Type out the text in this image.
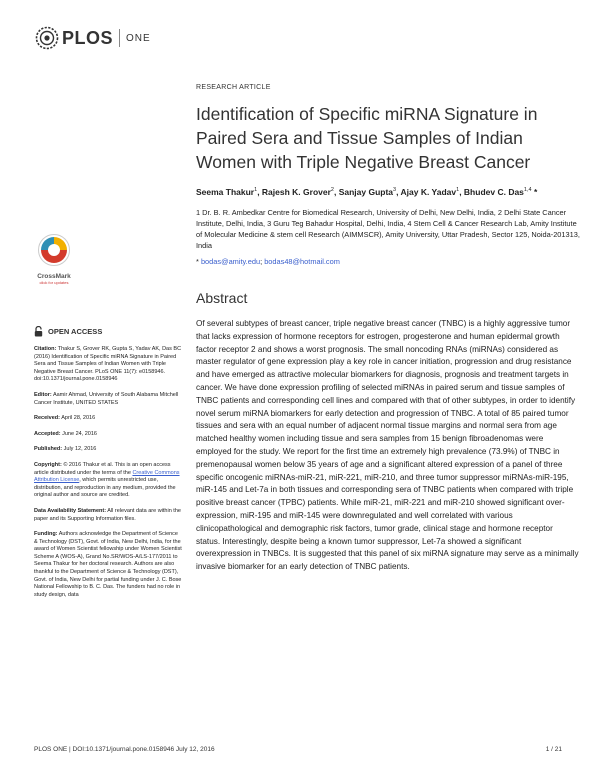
PLOS ONE
RESEARCH ARTICLE
Identification of Specific miRNA Signature in Paired Sera and Tissue Samples of Indian Women with Triple Negative Breast Cancer
Seema Thakur$^1$, Rajesh K. Grover$^2$, Sanjay Gupta$^3$, Ajay K. Yadav$^1$, Bhudev C. Das$^{1,4}$ *
1 Dr. B. R. Ambedkar Centre for Biomedical Research, University of Delhi, New Delhi, India, 2 Delhi State Cancer Institute, Delhi, India, 3 Guru Teg Bahadur Hospital, Delhi, India, 4 Stem Cell & Cancer Research Lab, Amity Institute of Molecular Medicine & stem cell Research (AIMMSCR), Amity University, Uttar Pradesh, Sector 125, Noida-201313, India
* bodas@amity.edu; bodas48@hotmail.com
CrossMark
click for updates
OPEN ACCESS

Citation: Thakur S, Grover RK, Gupta S, Yadav AK, Das BC (2016) Identification of Specific miRNA Signature in Paired Sera and Tissue Samples of Indian Women with Triple Negative Breast Cancer. PLoS ONE 11(7): e0158946. doi:10.1371/journal.pone.0158946

Editor: Aamir Ahmad, University of South Alabama Mitchell Cancer Institute, UNITED STATES

Received: April 28, 2016

Accepted: June 24, 2016

Published: July 12, 2016

Copyright: © 2016 Thakur et al. This is an open access article distributed under the terms of the Creative Commons Attribution License, which permits unrestricted use, distribution, and reproduction in any medium, provided the original author and source are credited.

Data Availability Statement: All relevant data are within the paper and its Supporting Information files.

Funding: Authors acknowledge the Department of Science & Technology (DST), Govt. of India, New Delhi, India, for the award of Women Scientist fellowship under Women Scientist Scheme A (WOS-A), Grand No.SR/WOS-A/LS-177/2011 to Seema Thakur for her doctoral research. Authors are also thankful to the Department of Science & Technology (DST), Govt. of India, New Delhi for partial funding under J. C. Bose National Fellowship to B. C. Das. The funders had no role in study design, data

Abstract
Of several subtypes of breast cancer, triple negative breast cancer (TNBC) is a highly aggressive tumor that lacks expression of hormone receptors for estrogen, progesterone and human epidermal growth factor receptor 2 and shows a worst prognosis. The small noncoding RNAs (miRNAs) considered as master regulator of gene expression play a key role in cancer initiation, progression and drug resistance and have emerged as attractive molecular biomarkers for diagnosis, prognosis and treatment targets in cancer. We have done expression profiling of selected miRNAs in paired serum and tissue samples of TNBC patients and corresponding cell lines and compared with that of other subtypes, in order to identify novel serum miRNA biomarkers for early detection and progression of TNBC. A total of 85 paired tumor tissues and sera with an equal number of adjacent normal tissue margins and normal sera from age matched healthy women including tissue and sera samples from 15 benign fibroadenomas were employed for the study. We report for the first time an extremely high prevalence (73.9%) of TNBC in premenopausal women below 35 years of age and a significant altered expression of a panel of three specific oncogenic miRNAs-miR-21, miR-221, miR-210, and three tumor suppressor miRNAs-miR-195, miR-145 and Let-7a in both tissues and corresponding sera of TNBC patients when compared with triple positive breast cancer (TPBC) patients. While miR-21, miR-221 and miR-210 showed significant over-expression, miR-195 and miR-145 were downregulated and well correlated with various clinicopathological and demographic risk factors, tumor grade, clinical stage and hormone receptor status. Interestingly, despite being a known tumor suppressor, Let-7a showed a significant overexpression in TNBCs. It is suggested that this panel of six miRNA signature may serve as a minimally invasive biomarker for an early detection of TNBC patients.
PLOS ONE | DOI:10.1371/journal.pone.0158946 July 12, 2016	1 / 21
